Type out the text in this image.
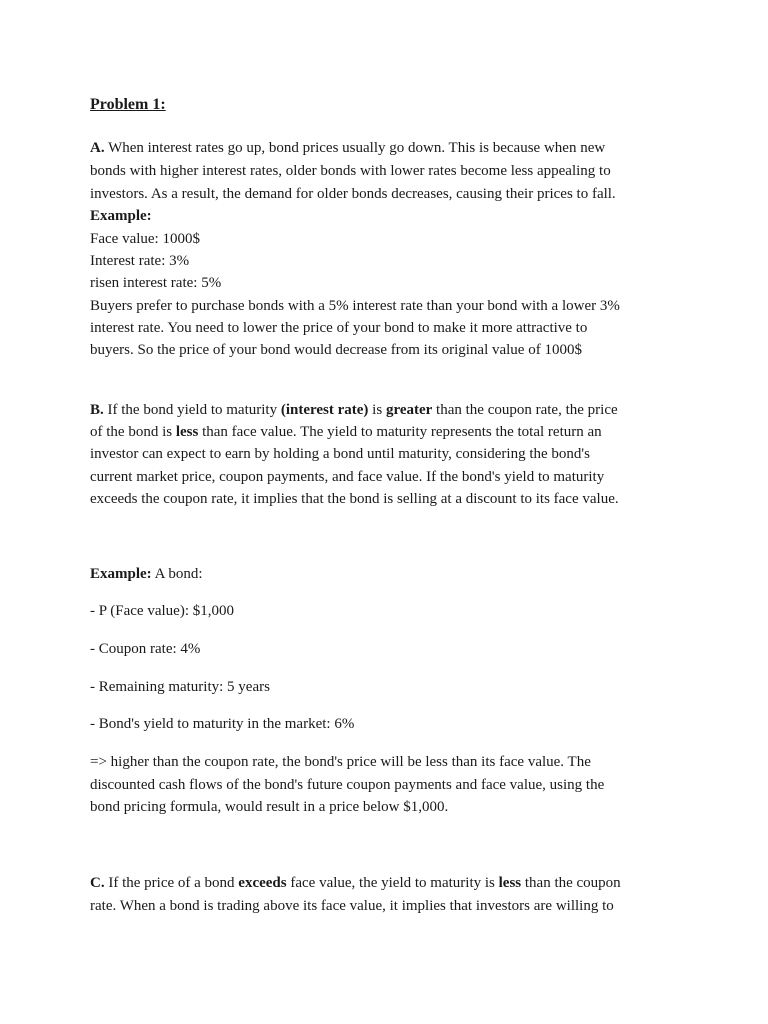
Problem 1:
A. When interest rates go up, bond prices usually go down. This is because when new
bonds with higher interest rates, older bonds with lower rates become less appealing to
investors. As a result, the demand for older bonds decreases, causing their prices to fall.
Example:
Face value: 1000$
Interest rate: 3%
risen interest rate: 5%
Buyers prefer to purchase bonds with a 5% interest rate than your bond with a lower 3%
interest rate. You need to lower the price of your bond to make it more attractive to
buyers. So the price of your bond would decrease from its original value of 1000$
B. If the bond yield to maturity (interest rate) is greater than the coupon rate, the price
of the bond is less than face value. The yield to maturity represents the total return an
investor can expect to earn by holding a bond until maturity, considering the bond's
current market price, coupon payments, and face value. If the bond's yield to maturity
exceeds the coupon rate, it implies that the bond is selling at a discount to its face value.
Example: A bond:
- P (Face value): $1,000
- Coupon rate: 4%
- Remaining maturity: 5 years
- Bond's yield to maturity in the market: 6%
=> higher than the coupon rate, the bond's price will be less than its face value. The
discounted cash flows of the bond's future coupon payments and face value, using the
bond pricing formula, would result in a price below $1,000.
C. If the price of a bond exceeds face value, the yield to maturity is less than the coupon
rate. When a bond is trading above its face value, it implies that investors are willing to
